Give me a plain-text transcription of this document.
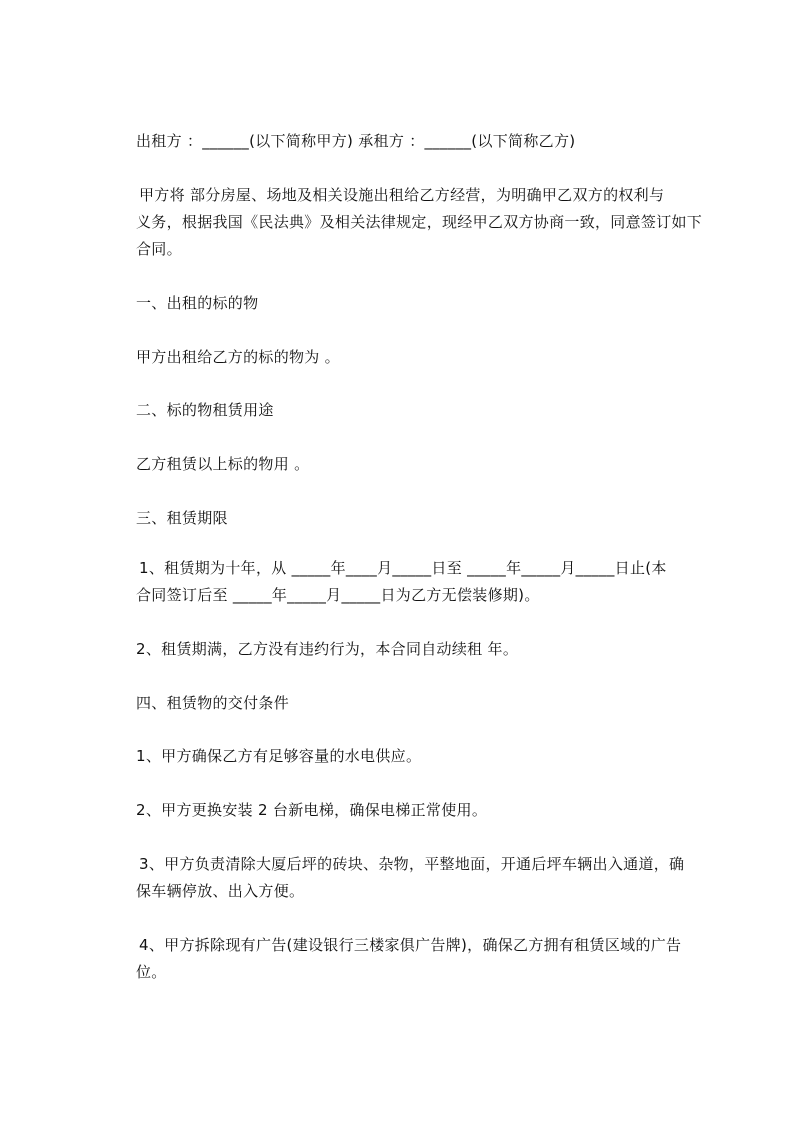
出租方 ：______(以下简称甲方) 承租方 ：______(以下简称乙方)

甲方将 部分房屋、场地及相关设施出租给乙方经营，为明确甲乙双方的权利与

义务，根据我国《民法典》及相关法律规定，现经甲乙双方协商一致，同意签订如下

合同。

一、出租的标的物

甲方出租给乙方的标的物为 。

二、标的物租赁用途

乙方租赁以上标的物用 。

三、租赁期限

1、租赁期为十年，从 _____年____月_____日至 _____年_____月_____日止(本

合同签订后至 _____年_____月_____日为乙方无偿装修期)。

2、租赁期满，乙方没有违约行为，本合同自动续租 年。

四、租赁物的交付条件

1、甲方确保乙方有足够容量的水电供应。

2、甲方更换安装 2 台新电梯，确保电梯正常使用。

3、甲方负责清除大厦后坪的砖块、杂物，平整地面，开通后坪车辆出入通道，确

保车辆停放、出入方便。

4、甲方拆除现有广告(建设银行三楼家俱广告牌)，确保乙方拥有租赁区域的广告

位。
